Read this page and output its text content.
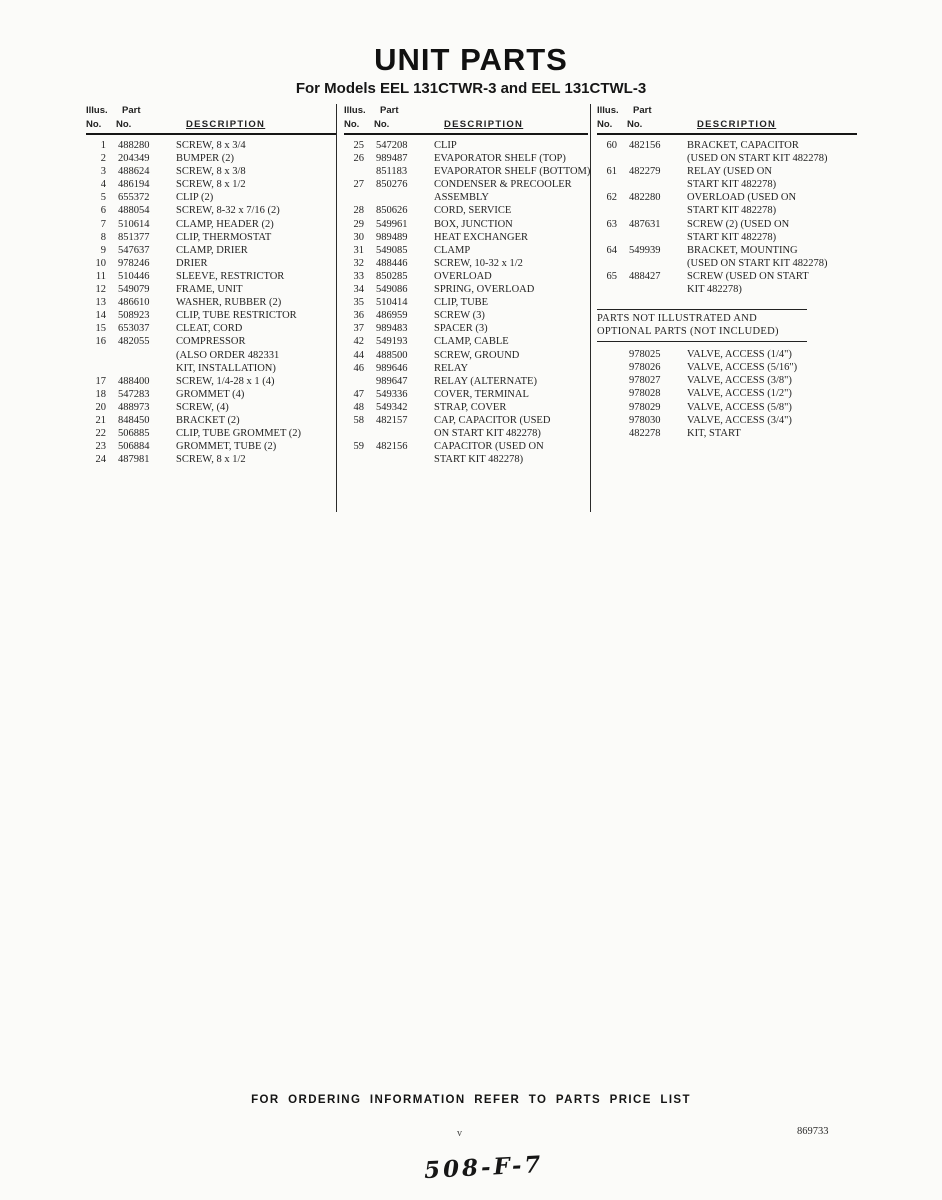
UNIT PARTS
For Models EEL 131CTWR-3 and EEL 131CTWL-3
Illus.	Part
No.	No.	DESCRIPTION
1 488280	SCREW, 8 x 3/4
2 204349	BUMPER (2)
3 488624	SCREW, 8 x 3/8
4 486194	SCREW, 8 x 1/2
5 655372	CLIP (2)
6 488054	SCREW, 8-32 x 7/16 (2)
7 510614	CLAMP, HEADER (2)
8 851377	CLIP, THERMOSTAT
9 547637	CLAMP, DRIER
10 978246	DRIER
11 510446	SLEEVE, RESTRICTOR
12 549079	FRAME, UNIT
13 486610	WASHER, RUBBER (2)
14 508923	CLIP, TUBE RESTRICTOR
15 653037	CLEAT, CORD
16 482055	COMPRESSOR
(ALSO ORDER 482331
KIT, INSTALLATION)
17 488400	SCREW, 1/4-28 x 1 (4)
18 547283	GROMMET (4)
20 488973	SCREW, (4)
21 848450	BRACKET (2)
22 506885	CLIP, TUBE GROMMET (2)
23 506884	GROMMET, TUBE (2)
24 487981	SCREW, 8 x 1/2
Illus.	Part
No.	No.	DESCRIPTION
25 547208	CLIP
26 989487	EVAPORATOR SHELF (TOP)
851183	EVAPORATOR SHELF (BOTTOM)
27 850276	CONDENSER & PRECOOLER
ASSEMBLY
28 850626	CORD, SERVICE
29 549961	BOX, JUNCTION
30 989489	HEAT EXCHANGER
31 549085	CLAMP
32 488446	SCREW, 10-32 x 1/2
33 850285	OVERLOAD
34 549086	SPRING, OVERLOAD
35 510414	CLIP, TUBE
36 486959	SCREW (3)
37 989483	SPACER (3)
42 549193	CLAMP, CABLE
44 488500	SCREW, GROUND
46 989646	RELAY
989647	RELAY (ALTERNATE)
47 549336	COVER, TERMINAL
48 549342	STRAP, COVER
58 482157	CAP, CAPACITOR (USED
ON START KIT 482278)
59 482156	CAPACITOR (USED ON
START KIT 482278)
Illus.	Part
No.	No.	DESCRIPTION
60 482156	BRACKET, CAPACITOR
(USED ON START KIT 482278)
61 482279	RELAY (USED ON
START KIT 482278)
62 482280	OVERLOAD (USED ON
START KIT 482278)
63 487631	SCREW (2) (USED ON
START KIT 482278)
64 549939	BRACKET, MOUNTING
(USED ON START KIT 482278)
65 488427	SCREW (USED ON START
KIT 482278)
PARTS NOT ILLUSTRATED AND
OPTIONAL PARTS (NOT INCLUDED)
978025	VALVE, ACCESS (1/4")
978026	VALVE, ACCESS (5/16")
978027	VALVE, ACCESS (3/8")
978028	VALVE, ACCESS (1/2")
978029	VALVE, ACCESS (5/8")
978030	VALVE, ACCESS (3/4")
482278	KIT, START
FOR ORDERING INFORMATION REFER TO PARTS PRICE LIST
v	869733
508-F-7
